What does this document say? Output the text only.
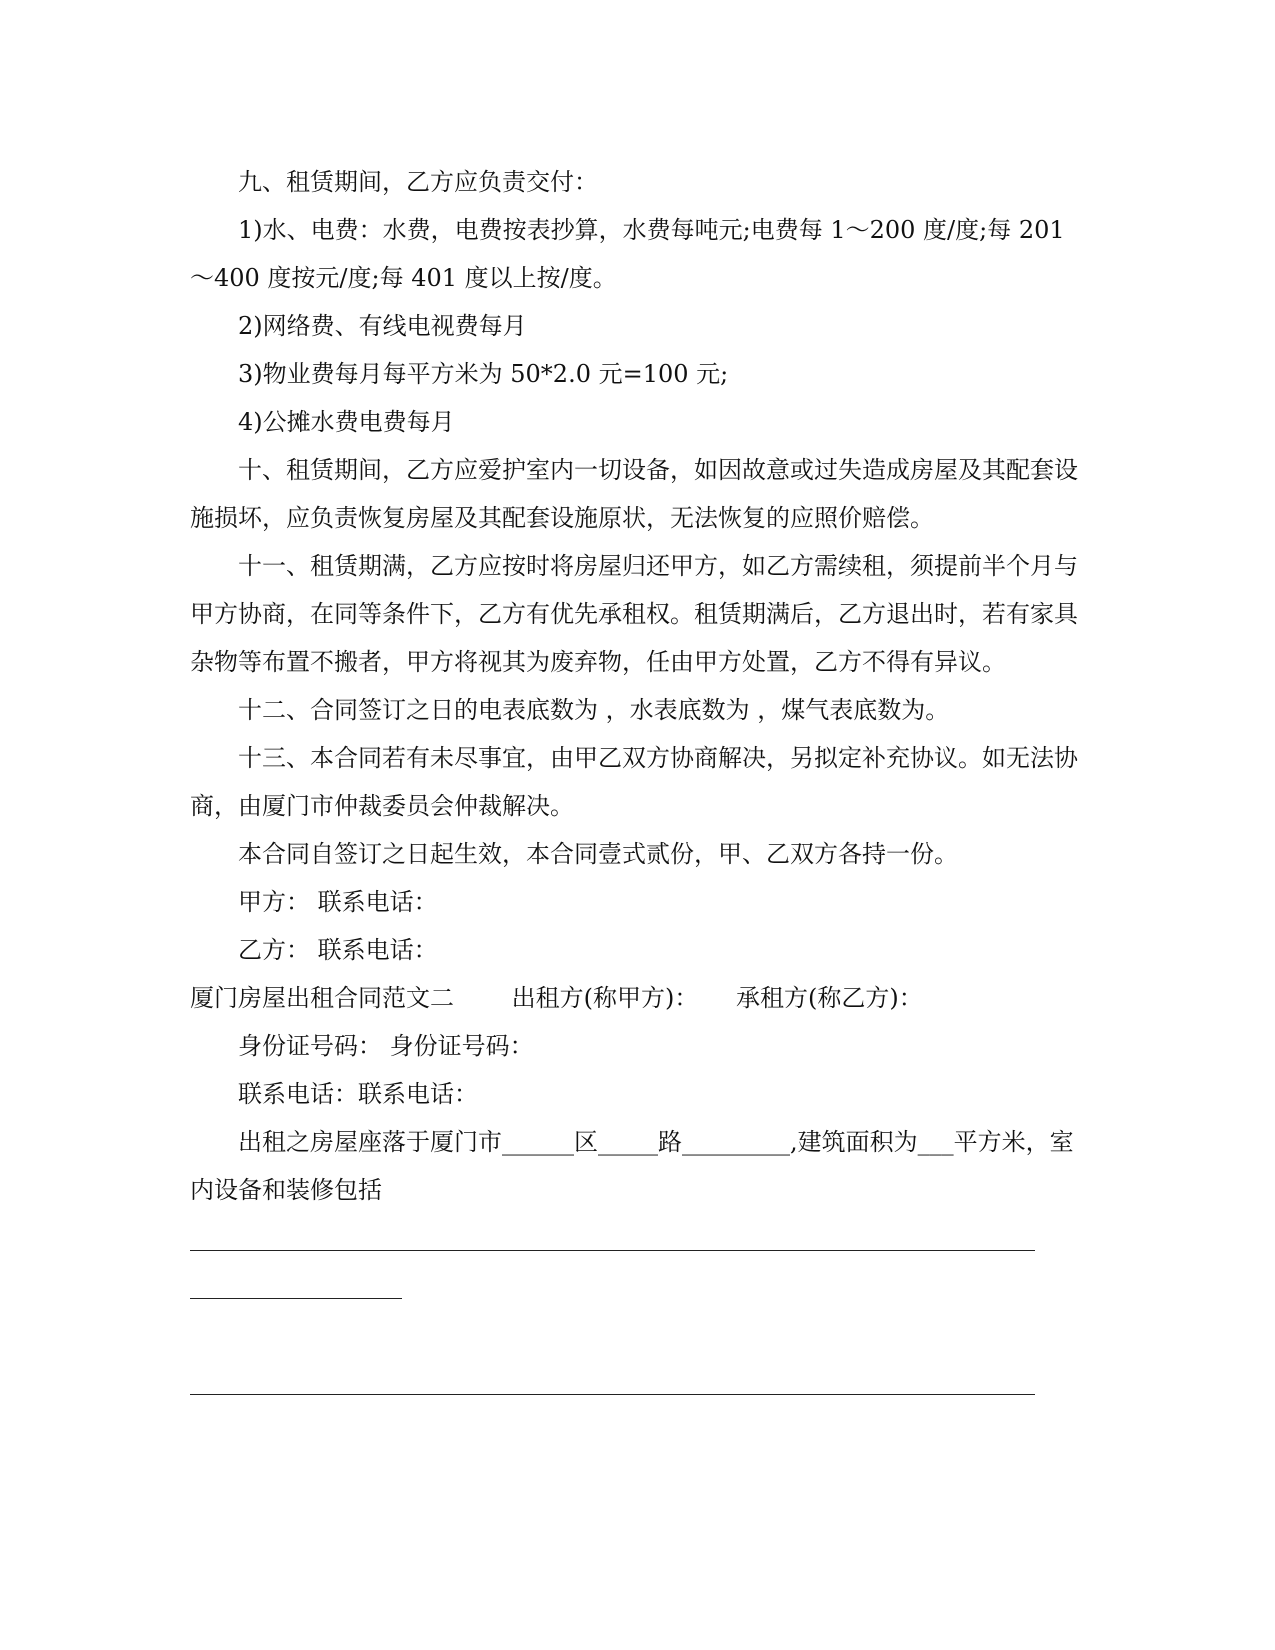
九、租赁期间，乙方应负责交付：

1)水、电费：水费，电费按表抄算，水费每吨元;电费每 1～200 度/度;每 201～400 度按元/度;每 401 度以上按/度。

2)网络费、有线电视费每月

3)物业费每月每平方米为 50*2.0 元=100 元;

4)公摊水费电费每月

十、租赁期间，乙方应爱护室内一切设备，如因故意或过失造成房屋及其配套设 施损坏，应负责恢复房屋及其配套设施原状，无法恢复的应照价赔偿。

十一、租赁期满，乙方应按时将房屋归还甲方，如乙方需续租，须提前半个月与甲方协商，在同等条件下，乙方有优先承租权。租赁期满后，乙方退出时，若有家具杂物等布置不搬者，甲方将视其为废弃物，任由甲方处置，乙方不得有异议。

十二、合同签订之日的电表底数为 ，水表底数为 ，煤气表底数为。

十三、本合同若有未尽事宜，由甲乙双方协商解决，另拟定补充协议。如无法协商，由厦门市仲裁委员会仲裁解决。

本合同自签订之日起生效，本合同壹式贰份，甲、乙双方各持一份。

甲方： 联系电话：

乙方： 联系电话：

厦门房屋出租合同范文二 出租方(称甲方)： 承租方(称乙方)：

身份证号码： 身份证号码：

联系电话：联系电话：

出租之房屋座落于厦门市______区_____路_________,建筑面积为___平方米，室内设备和装修包括
